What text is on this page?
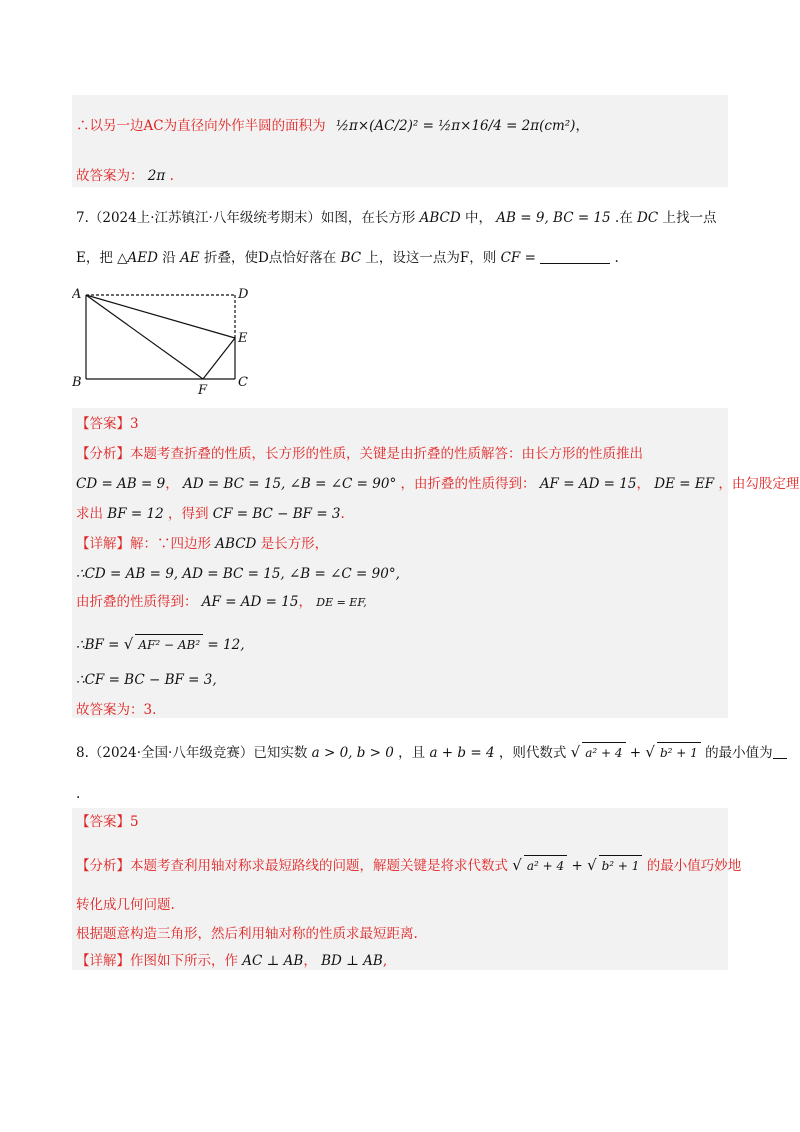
∴以另一边AC为直径向外作半圆的面积为 ½π×(AC/2)² = ½π×16/4 = 2π(cm²)，
故答案为： 2π .
7.（2024上·江苏镇江·八年级统考期末）如图，在长方形 ABCD 中， AB = 9, BC = 15 .在 DC 上找一点
E，把 △AED 沿 AE 折叠，使D点恰好落在 BC 上，设这一点为F，则 CF =	.
A	D
E
B	C
F
【答案】3
【分析】本题考查折叠的性质，长方形的性质，关键是由折叠的性质解答：由长方形的性质推出
CD = AB = 9， AD = BC = 15, ∠B = ∠C = 90° ，由折叠的性质得到： AF = AD = 15， DE = EF ，由勾股定理
求出 BF = 12 ，得到 CF = BC − BF = 3.
【详解】解：∵四边形 ABCD 是长方形，
∴CD = AB = 9, AD = BC = 15, ∠B = ∠C = 90°,
由折叠的性质得到： AF = AD = 15， DE = EF,
∴BF = √ AF² − AB² = 12,
∴CF = BC − BF = 3,
故答案为：3.
8.（2024·全国·八年级竞赛）已知实数 a > 0, b > 0 ，且 a + b = 4 ，则代数式 √ a² + 4 + √ b² + 1 的最小值为
.
【答案】5
【分析】本题考查利用轴对称求最短路线的问题，解题关键是将求代数式 √ a² + 4 + √ b² + 1 的最小值巧妙地
转化成几何问题.
根据题意构造三角形，然后利用轴对称的性质求最短距离.
【详解】作图如下所示，作 AC ⊥ AB， BD ⊥ AB,
